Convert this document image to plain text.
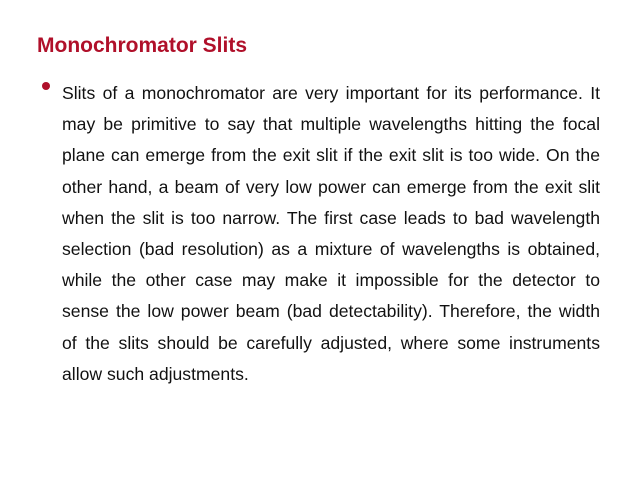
Monochromator Slits
Slits of a monochromator are very important for its performance. It may be primitive to say that multiple wavelengths hitting the focal plane can emerge from the exit slit if the exit slit is too wide. On the other hand, a beam of very low power can emerge from the exit slit when the slit is too narrow. The first case leads to bad wavelength selection (bad resolution) as a mixture of wavelengths is obtained, while the other case may make it impossible for the detector to sense the low power beam (bad detectability). Therefore, the width of the slits should be carefully adjusted, where some instruments allow such adjustments.
